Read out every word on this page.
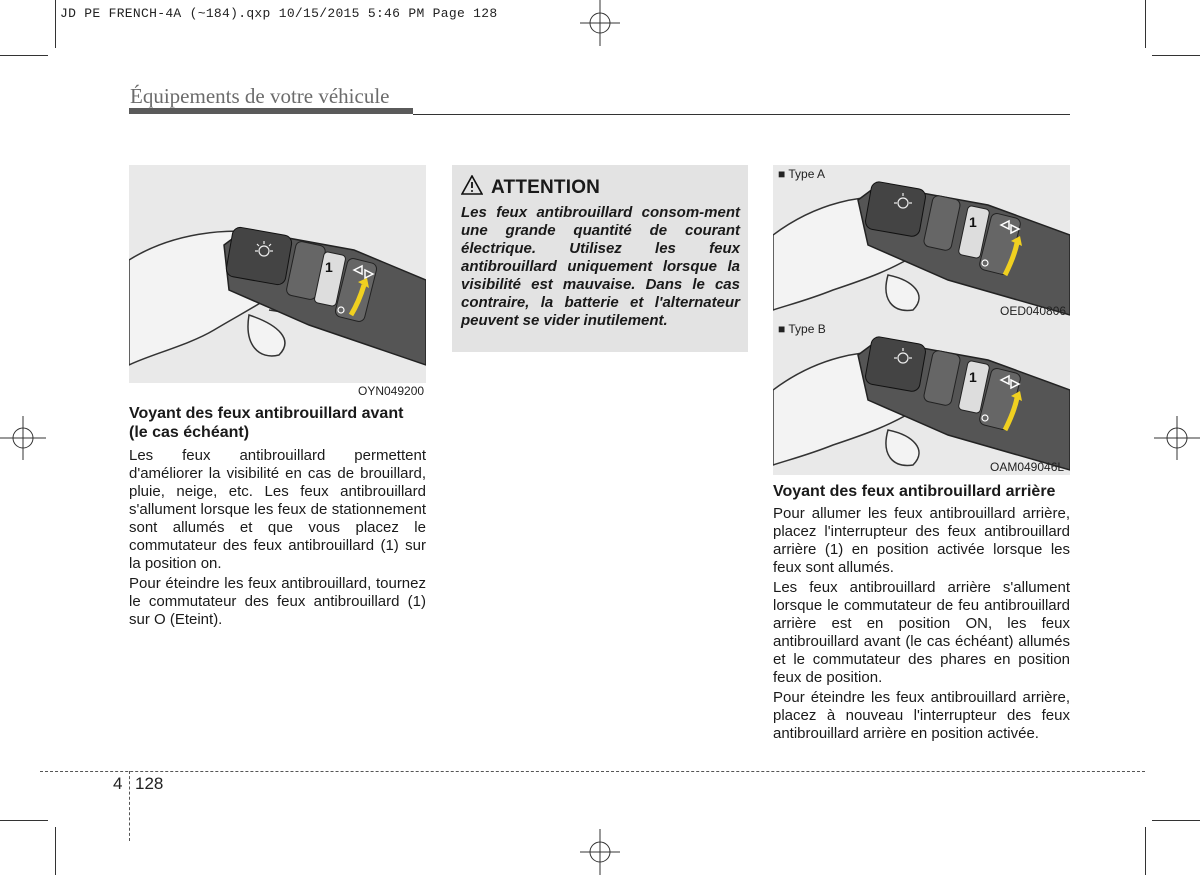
JD PE FRENCH-4A (~184).qxp 10/15/2015 5:46 PM Page 128
Équipements de votre véhicule
1
OYN049200
ATTENTION
Les feux antibrouillard consom-ment une grande quantité de courant électrique. Utilisez les feux antibrouillard uniquement lorsque la visibilité est mauvaise. Dans le cas contraire, la batterie et l'alternateur peuvent se vider inutilement.
1
■ Type A
OED040806
1
■ Type B
OAM049046L
Voyant des feux antibrouillard avant (le cas échéant)

Les feux antibrouillard permettent d'améliorer la visibilité en cas de brouillard, pluie, neige, etc. Les feux antibrouillard s'allument lorsque les feux de stationnement sont allumés et que vous placez le commutateur des feux antibrouillard (1) sur la position on.

Pour éteindre les feux antibrouillard, tournez le commutateur des feux antibrouillard (1) sur O (Eteint).

Voyant des feux antibrouillard arrière

Pour allumer les feux antibrouillard arrière, placez l'interrupteur des feux antibrouillard arrière (1) en position activée lorsque les feux sont allumés.

Les feux antibrouillard arrière s'allument lorsque le commutateur de feu antibrouillard arrière est en position ON, les feux antibrouillard avant (le cas échéant) allumés et le commutateur des phares en position feux de position.

Pour éteindre les feux antibrouillard arrière, placez à nouveau l'interrupteur des feux antibrouillard arrière en position activée.

4 128
